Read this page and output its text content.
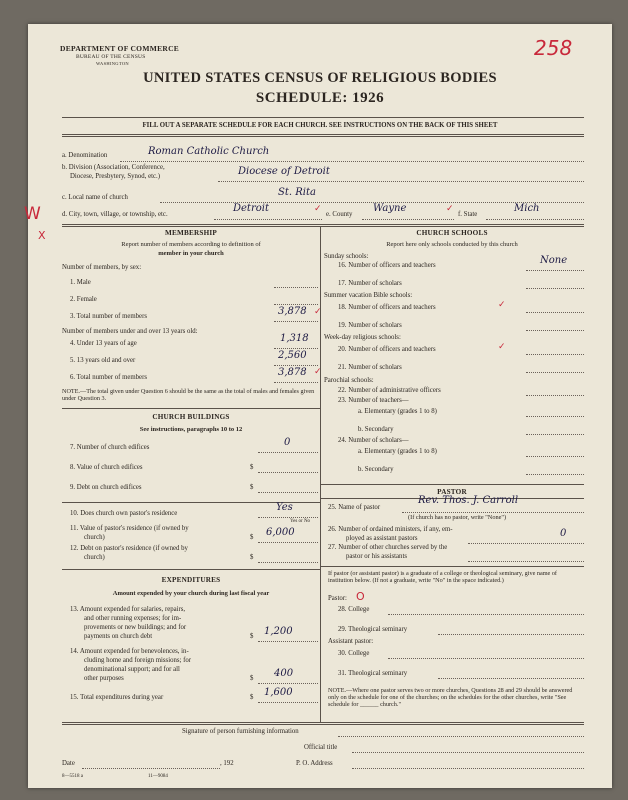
DEPARTMENT OF COMMERCE
BUREAU OF THE CENSUS
WASHINGTON
258
UNITED STATES CENSUS OF RELIGIOUS BODIES
SCHEDULE: 1926
FILL OUT A SEPARATE SCHEDULE FOR EACH CHURCH. SEE INSTRUCTIONS ON THE BACK OF THIS SHEET
a. Denomination	Roman Catholic Church
b. Division (Association, Conference,
Diocese, Presbytery, Synod, etc.)	Diocese of Detroit
c. Local name of church	St. Rita
W
X
d. City, town, village, or township, etc.
Detroit	✓
e. County
Wayne	✓
f. State
Mich
MEMBERSHIP
Report number of members according to definition of
member in your church
Number of members, by sex:
1. Male
2. Female
3. Total number of members	3,878 ✓
Number of members under and over 13 years old:
4. Under 13 years of age	1,318
5. 13 years old and over	2,560
6. Total number of members	3,878 ✓
NOTE.—The total given under Question 6 should be the same as the total of males and females given under Question 3.
CHURCH BUILDINGS
See instructions, paragraphs 10 to 12
7. Number of church edifices	0
8. Value of church edifices	$
9. Debt on church edifices	$
10. Does church own pastor's residence
Yes
Yes or No
11. Value of pastor's residence (if owned by
church)	$ 6,000
12. Debt on pastor's residence (if owned by
church)	$
EXPENDITURES
Amount expended by your church during last fiscal year
13. Amount expended for salaries, repairs,
and other running expenses; for im-
provements or new buildings; and for
payments on church debt	$ 1,200
14. Amount expended for benevolences, in-
cluding home and foreign missions; for
denominational support; and for all
other purposes	$ 400
15. Total expenditures during year	$ 1,600
CHURCH SCHOOLS
Report here only schools conducted by this church
Sunday schools:
16. Number of officers and teachers	None
17. Number of scholars
Summer vacation Bible schools:
18. Number of officers and teachers	✓
19. Number of scholars
Week-day religious schools:
20. Number of officers and teachers	✓
21. Number of scholars
Parochial schools:
22. Number of administrative officers
23. Number of teachers—
a. Elementary (grades 1 to 8)
b. Secondary
24. Number of scholars—
a. Elementary (grades 1 to 8)
b. Secondary
PASTOR
25. Name of pastor
Rev. Thos. J. Carroll
(If church has no pastor, write "None")
26. Number of ordained ministers, if any, em-
ployed as assistant pastors	0
27. Number of other churches served by the
pastor or his assistants
If pastor (or assistant pastor) is a graduate of a college or theological seminary, give name of institution below. (If not a graduate, write "No" in the space indicated.)
Pastor: O
28. College
29. Theological seminary
Assistant pastor:
30. College
31. Theological seminary
NOTE.—Where one pastor serves two or more churches, Questions 28 and 29 should be answered only on the schedule for one of the churches; on the schedules for the other churches, write "See schedule for ______ church."
Signature of person furnishing information
Official title
Date	, 192	P. O. Address
8—5518 a	11—9084
